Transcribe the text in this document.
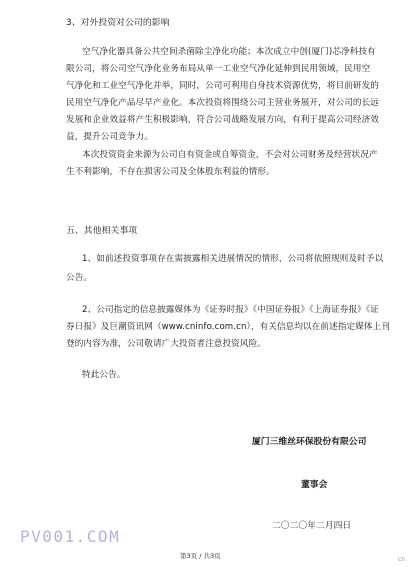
3、对外投资对公司的影响
空气净化器具备公共空间杀菌除尘净化功能；本次成立中创(厦门)芯净科技有
限公司，将公司空气净化业务布局从单一工业空气净化延伸到民用领域，民用空
气净化和工业空气净化并举，同时，公司可利用自身技术资源优势，将目前研发的
民用空气净化产品尽早产业化。本次投资将围绕公司主营业务展开，对公司的长远
发展和企业效益将产生积极影响，符合公司战略发展方向，有利于提高公司经济效
益，提升公司竞争力。
本次投资资金来源为公司自有资金或自筹资金，不会对公司财务及经营状况产
生不利影响，不存在损害公司及全体股东利益的情形。
五、其他相关事项
1、如前述投资事项存在需披露相关进展情况的情形，公司将依照规则及时予以
公告。
2、公司指定的信息披露媒体为《证券时报》《中国证券报》《上海证券报》《证
券日报》及巨潮资讯网（www.cninfo.com.cn），有关信息均以在前述指定媒体上刊
登的内容为准，公司敬请广大投资者注意投资风险。
特此公告。
厦门三维丝环保股份有限公司
董事会
二〇二〇年二月四日
PV001.COM
第3页 / 共3页	cn
